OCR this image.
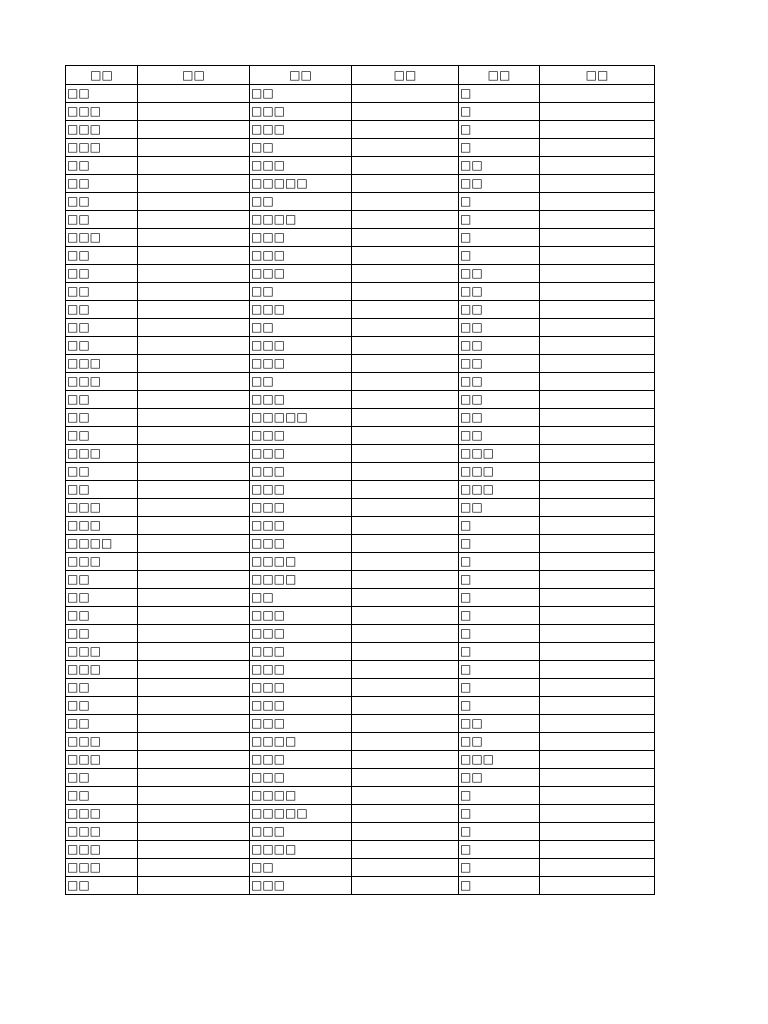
□□	□□	□□	□□	□□	□□
□□		□□		□	
□□□		□□□		□	
□□□		□□□		□	
□□□		□□		□	
□□		□□□		□□	
□□		□□□□□		□□	
□□		□□		□	
□□		□□□□		□	
□□□		□□□		□	
□□		□□□		□	
□□		□□□		□□	
□□		□□		□□	
□□		□□□		□□	
□□		□□		□□	
□□		□□□		□□	
□□□		□□□		□□	
□□□		□□		□□	
□□		□□□		□□	
□□		□□□□□		□□	
□□		□□□		□□	
□□□		□□□		□□□	
□□		□□□		□□□	
□□		□□□		□□□	
□□□		□□□		□□	
□□□		□□□		□	
□□□□		□□□		□	
□□□		□□□□		□	
□□		□□□□		□	
□□		□□		□	
□□		□□□		□	
□□		□□□		□	
□□□		□□□		□	
□□□		□□□		□	
□□		□□□		□	
□□		□□□		□	
□□		□□□		□□	
□□□		□□□□		□□	
□□□		□□□		□□□	
□□		□□□		□□	
□□		□□□□		□	
□□□		□□□□□		□	
□□□		□□□		□	
□□□		□□□□		□	
□□□		□□		□	
□□		□□□		□	
